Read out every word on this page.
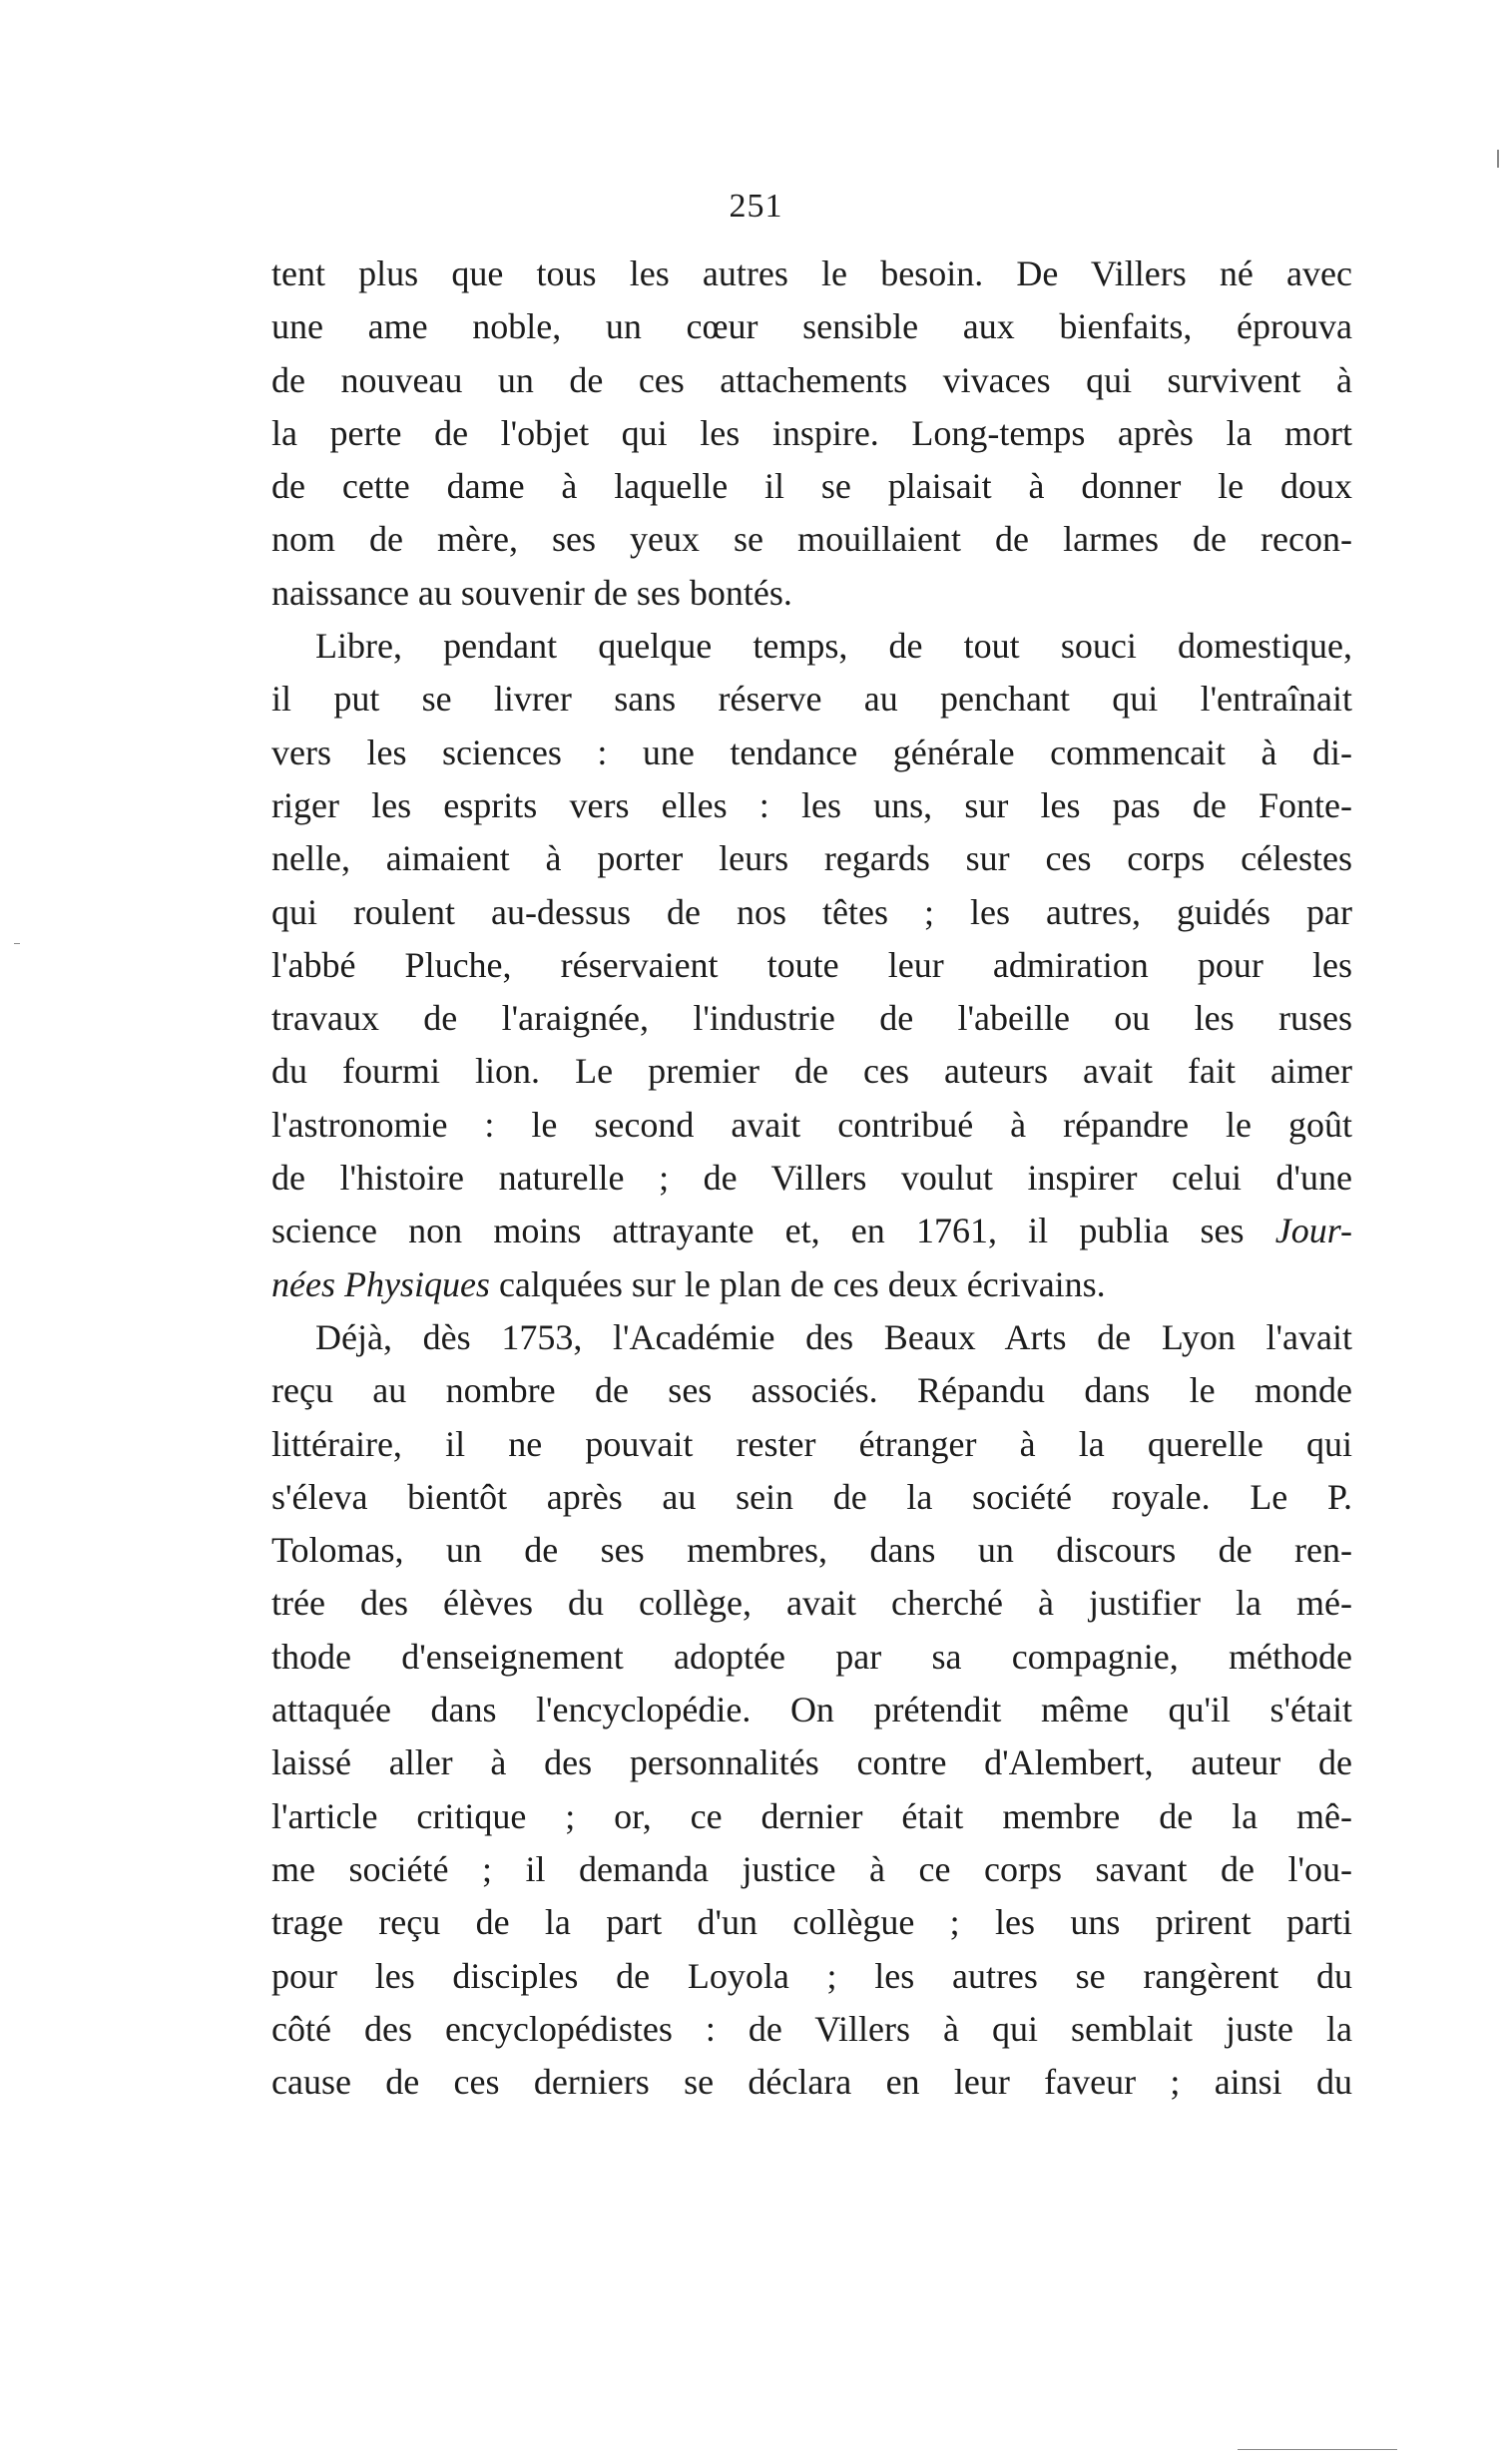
251
tent plus que tous les autres le besoin. De Villers né avec
une ame noble, un cœur sensible aux bienfaits, éprouva
de nouveau un de ces attachements vivaces qui survivent à
la perte de l'objet qui les inspire. Long-temps après la mort
de cette dame à laquelle il se plaisait à donner le doux
nom de mère, ses yeux se mouillaient de larmes de recon-
naissance au souvenir de ses bontés.
Libre, pendant quelque temps, de tout souci domestique,
il put se livrer sans réserve au penchant qui l'entraînait
vers les sciences : une tendance générale commencait à di-
riger les esprits vers elles : les uns, sur les pas de Fonte-
nelle, aimaient à porter leurs regards sur ces corps célestes
qui roulent au-dessus de nos têtes ; les autres, guidés par
l'abbé Pluche, réservaient toute leur admiration pour les
travaux de l'araignée, l'industrie de l'abeille ou les ruses
du fourmi lion. Le premier de ces auteurs avait fait aimer
l'astronomie : le second avait contribué à répandre le goût
de l'histoire naturelle ; de Villers voulut inspirer celui d'une
science non moins attrayante et, en 1761, il publia ses Jour-
nées Physiques calquées sur le plan de ces deux écrivains.
Déjà, dès 1753, l'Académie des Beaux Arts de Lyon l'avait
reçu au nombre de ses associés. Répandu dans le monde
littéraire, il ne pouvait rester étranger à la querelle qui
s'éleva bientôt après au sein de la société royale. Le P.
Tolomas, un de ses membres, dans un discours de ren-
trée des élèves du collège, avait cherché à justifier la mé-
thode d'enseignement adoptée par sa compagnie, méthode
attaquée dans l'encyclopédie. On prétendit même qu'il s'était
laissé aller à des personnalités contre d'Alembert, auteur de
l'article critique ; or, ce dernier était membre de la mê-
me société ; il demanda justice à ce corps savant de l'ou-
trage reçu de la part d'un collègue ; les uns prirent parti
pour les disciples de Loyola ; les autres se rangèrent du
côté des encyclopédistes : de Villers à qui semblait juste la
cause de ces derniers se déclara en leur faveur ; ainsi du
